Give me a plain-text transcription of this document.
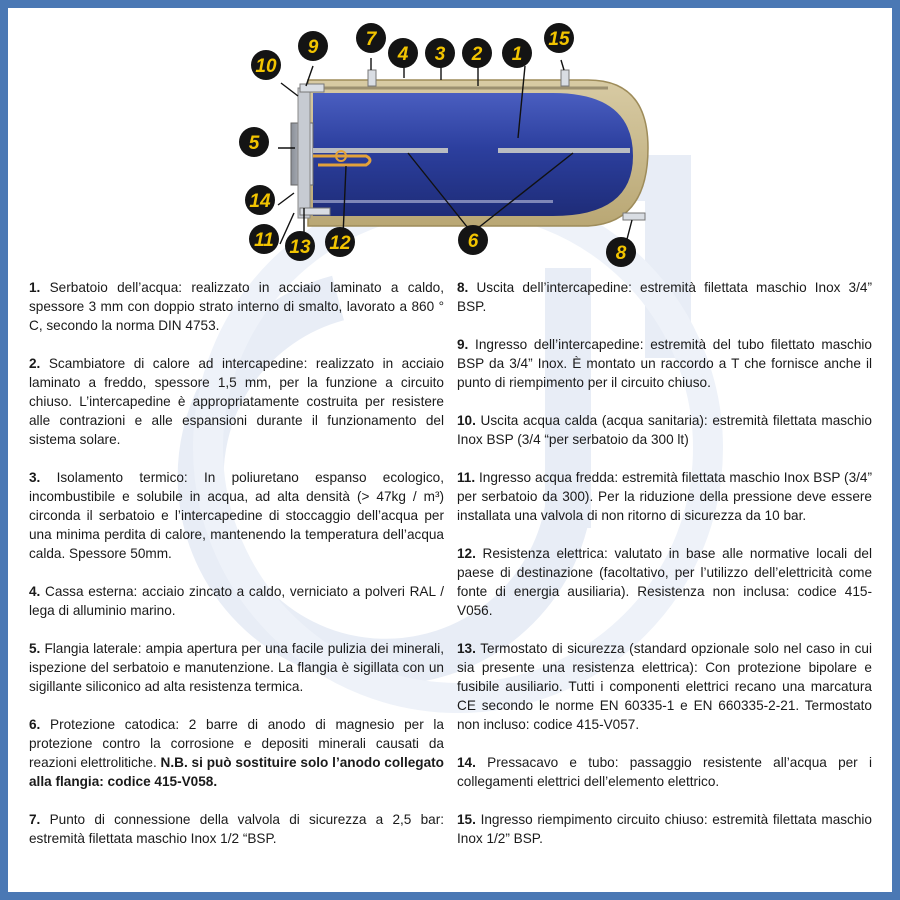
1
2
3
4
5
6
7
8
9
10
11	12
13
14
15

1. Serbatoio dell’acqua: realizzato in acciaio laminato a caldo, spessore 3 mm con doppio strato interno di smalto, lavorato a 860 ° C, secondo la norma DIN 4753.

2. Scambiatore di calore ad intercapedine: realizzato in acciaio laminato a freddo, spessore 1,5 mm, per la funzione a circuito chiuso. L’intercapedine è appropriatamente costruita per resistere alle contrazioni e alle espansioni durante il funzionamento del sistema solare.

3. Isolamento termico: In poliuretano espanso ecologico, incombustibile e solubile in acqua, ad alta densità (> 47kg / m³) circonda il serbatoio e l’intercapedine di stoccaggio dell’acqua per una minima perdita di calore, mantenendo la temperatura dell’acqua calda. Spessore 50mm.

4. Cassa esterna: acciaio zincato a caldo, verniciato a polveri RAL / lega di alluminio marino.

5. Flangia laterale: ampia apertura per una facile pulizia dei minerali, ispezione del serbatoio e manutenzione. La flangia è sigillata con un sigillante siliconico ad alta resistenza termica.

6. Protezione catodica: 2 barre di anodo di magnesio per la protezione contro la corrosione e depositi minerali causati da reazioni elettrolitiche. N.B. si può sostituire solo l’anodo collegato alla flangia: codice 415-V058.

7. Punto di connessione della valvola di sicurezza a 2,5 bar: estremità filettata maschio Inox 1/2 “BSP.

8. Uscita dell’intercapedine: estremità filettata maschio Inox 3/4” BSP.

9. Ingresso dell’intercapedine: estremità del tubo filettato maschio BSP da 3/4” Inox. È montato un raccordo a T che fornisce anche il punto di riempimento per il circuito chiuso.

10. Uscita acqua calda (acqua sanitaria): estremità filettata maschio Inox BSP (3/4 “per serbatoio da 300 lt)

11. Ingresso acqua fredda: estremità filettata maschio Inox BSP (3/4” per serbatoio da 300). Per la riduzione della pressione deve essere installata una valvola di non ritorno di sicurezza da 10 bar.

12. Resistenza elettrica: valutato in base alle normative locali del paese di destinazione (facoltativo, per l’utilizzo dell’elettricità come fonte di energia ausiliaria). Resistenza non inclusa: codice 415-V056.

13. Termostato di sicurezza (standard opzionale solo nel caso in cui sia presente una resistenza elettrica): Con protezione bipolare e fusibile ausiliario. Tutti i componenti elettrici recano una marcatura CE secondo le norme EN 60335-1 e EN 660335-2-21. Termostato non incluso: codice 415-V057.

14. Pressacavo e tubo: passaggio resistente all’acqua per i collegamenti elettrici dell’elemento elettrico.

15. Ingresso riempimento circuito chiuso: estremità filettata maschio Inox 1/2” BSP.
